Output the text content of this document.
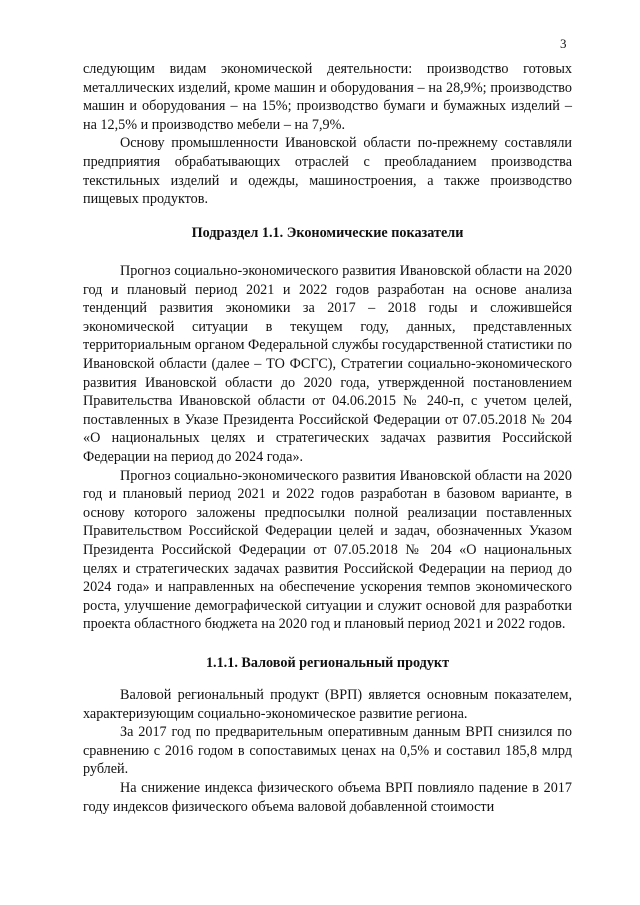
3

следующим видам экономической деятельности: производство готовых металлических изделий, кроме машин и оборудования – на 28,9%; производство машин и оборудования – на 15%; производство бумаги и бумажных изделий – на 12,5% и производство мебели – на 7,9%.

Основу промышленности Ивановской области по-прежнему составляли предприятия обрабатывающих отраслей с преобладанием производства текстильных изделий и одежды, машиностроения, а также производство пищевых продуктов.

Подраздел 1.1. Экономические показатели

Прогноз социально-экономического развития Ивановской области на 2020 год и плановый период 2021 и 2022 годов разработан на основе анализа тенденций развития экономики за 2017 – 2018 годы и сложившейся экономической ситуации в текущем году, данных, представленных территориальным органом Федеральной службы государственной статистики по Ивановской области (далее – ТО ФСГС), Стратегии социально-экономического развития Ивановской области до 2020 года, утвержденной постановлением Правительства Ивановской области от 04.06.2015 № 240-п, с учетом целей, поставленных в Указе Президента Российской Федерации от 07.05.2018 № 204 «О национальных целях и стратегических задачах развития Российской Федерации на период до 2024 года».

Прогноз социально-экономического развития Ивановской области на 2020 год и плановый период 2021 и 2022 годов разработан в базовом варианте, в основу которого заложены предпосылки полной реализации поставленных Правительством Российской Федерации целей и задач, обозначенных Указом Президента Российской Федерации от 07.05.2018 № 204 «О национальных целях и стратегических задачах развития Российской Федерации на период до 2024 года» и направленных на обеспечение ускорения темпов экономического роста, улучшение демографической ситуации и служит основой для разработки проекта областного бюджета на 2020 год и плановый период 2021 и 2022 годов.

1.1.1. Валовой региональный продукт

Валовой региональный продукт (ВРП) является основным показателем, характеризующим социально-экономическое развитие региона.

За 2017 год по предварительным оперативным данным ВРП снизился по сравнению с 2016 годом в сопоставимых ценах на 0,5% и составил 185,8 млрд рублей.

На снижение индекса физического объема ВРП повлияло падение в 2017 году индексов физического объема валовой добавленной стоимости
